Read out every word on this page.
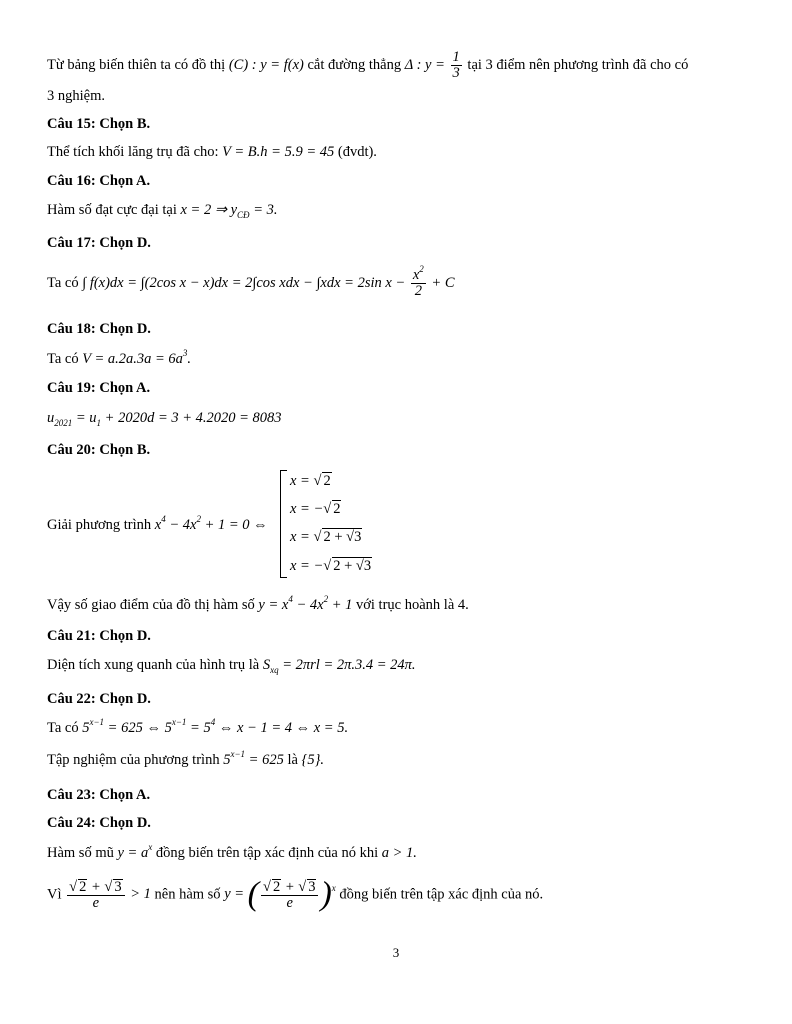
Từ bảng biến thiên ta có đồ thị (C) : y = f(x) cắt đường thẳng Δ : $y = \frac{1}{3}$ tại 3 điểm nên phương trình đã cho có
3 nghiệm.
Câu 15: Chọn B.
Thể tích khối lăng trụ đã cho: V = B.h = 5.9 = 45 (đvdt).
Câu 16: Chọn A.
Hàm số đạt cực đại tại x = 2 ⇒ $y_{CĐ} = 3$.
Câu 17: Chọn D.
Ta có ∫ f(x)dx = ∫(2cos x − x)dx = 2∫cos xdx − ∫xdx = 2sin $x - \frac{x^2}{2} + C$
Câu 18: Chọn D.
Ta có $V = a.2a.3a = 6a^3$.
Câu 19: Chọn A.
$u_{2021} = u_1 + 2020d = 3 + 4.2020 = 8083$
Câu 20: Chọn B.
Giải phương trình $x^4 - 4x^2 + 1 = 0$ ⇔
x = √ 2
x = −√ 2
x = √ 2 + √3
x = −√ 2 + √3
Vậy số giao điểm của đồ thị hàm số $y = x^4 - 4x^2 + 1$ với trục hoành là 4.
Câu 21: Chọn D.
Diện tích xung quanh của hình trụ là $S_{xq} = 2\pi rl = 2\pi.3.4 = 24\pi$.
Câu 22: Chọn D.
Ta có $5^{x-1} = 625$ ⇔ $5^{x-1} = 5^4$ ⇔ x − 1 = 4 ⇔ x = 5.
Tập nghiệm của phương trình $5^{x-1} = 625$ là {5}.
Câu 23: Chọn A.
Câu 24: Chọn D.
Hàm số mũ $y = a^x$ đồng biến trên tập xác định của nó khi a > 1.
Vì $\frac{√ 2 + √ 3}{e} > 1$ nên hàm số y = ( $\frac{√ 2 + √ 3}{e} )^x$ đồng biến trên tập xác định của nó.
3
